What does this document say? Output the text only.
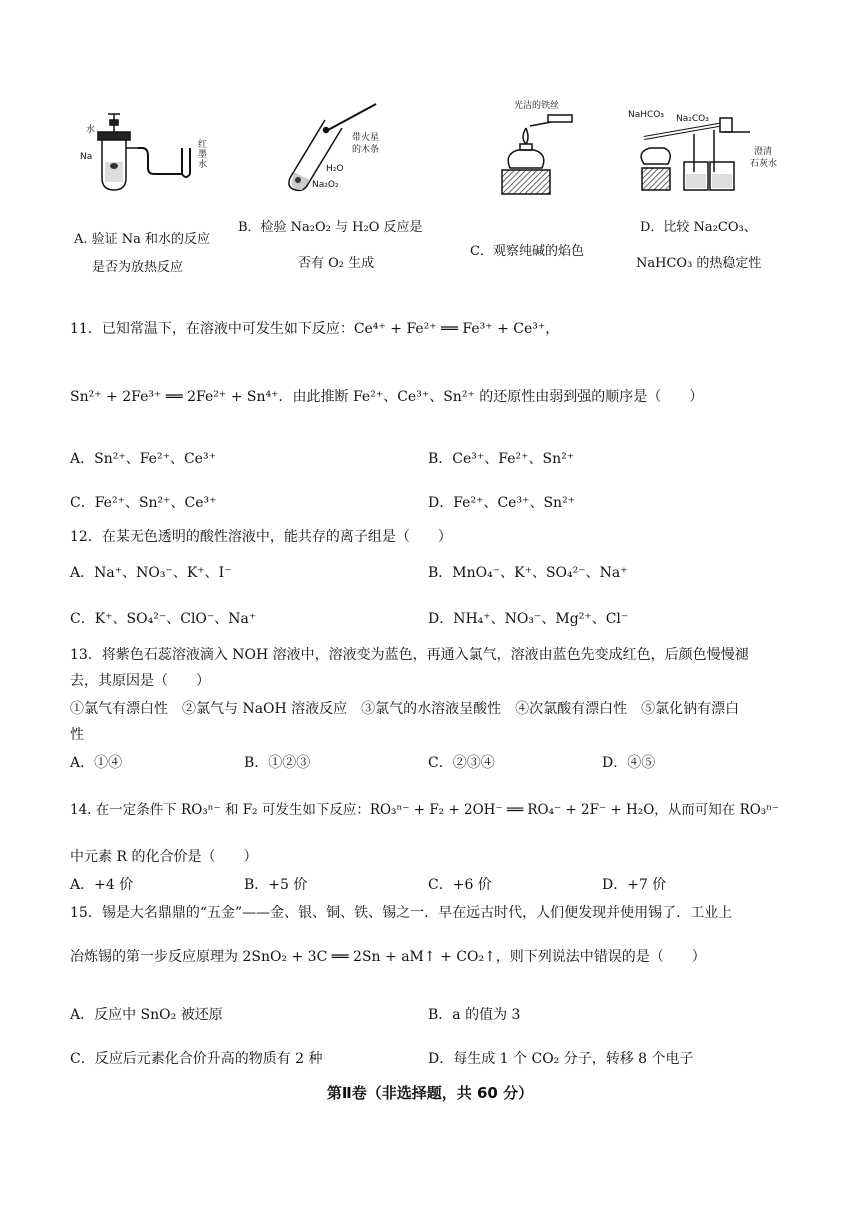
水
Na
红墨水
带火星
的木条
H₂O
Na₂O₂
光洁的铁丝
NaHCO₃ Na₂CO₃
澄清
石灰水
A. 验证 Na 和水的反应
是否为放热反应
B．检验 Na₂O₂ 与 H₂O 反应是
否有 O₂ 生成
C．观察纯碱的焰色
D．比较 Na₂CO₃、
NaHCO₃ 的热稳定性
11．已知常温下，在溶液中可发生如下反应：Ce⁴⁺ + Fe²⁺ ══ Fe³⁺ + Ce³⁺，
Sn²⁺ + 2Fe³⁺ ══ 2Fe²⁺ + Sn⁴⁺．由此推断 Fe²⁺、Ce³⁺、Sn²⁺ 的还原性由弱到强的顺序是（　　）
A．Sn²⁺、Fe²⁺、Ce³⁺	B．Ce³⁺、Fe²⁺、Sn²⁺
C．Fe²⁺、Sn²⁺、Ce³⁺	D．Fe²⁺、Ce³⁺、Sn²⁺
12．在某无色透明的酸性溶液中，能共存的离子组是（　　）
A．Na⁺、NO₃⁻、K⁺、I⁻	B．MnO₄⁻、K⁺、SO₄²⁻、Na⁺
C．K⁺、SO₄²⁻、ClO⁻、Na⁺	D．NH₄⁺、NO₃⁻、Mg²⁺、Cl⁻
13．将紫色石蕊溶液滴入 NOH 溶液中，溶液变为蓝色，再通入氯气，溶液由蓝色先变成红色，后颜色慢慢褪
去，其原因是（　　）
①氯气有漂白性　②氯气与 NaOH 溶液反应　③氯气的水溶液呈酸性　④次氯酸有漂白性　⑤氯化钠有漂白
性
A．①④	B．①②③	C．②③④	D．④⑤
14. 在一定条件下 RO₃ⁿ⁻ 和 F₂ 可发生如下反应：RO₃ⁿ⁻ + F₂ + 2OH⁻ ══ RO₄⁻ + 2F⁻ + H₂O，从而可知在 RO₃ⁿ⁻
中元素 R 的化合价是（　　）
A．+4 价	B．+5 价	C．+6 价	D．+7 价
15．锡是大名鼎鼎的“五金”——金、银、铜、铁、锡之一．早在远古时代，人们便发现并使用锡了．工业上
冶炼锡的第一步反应原理为 2SnO₂ + 3C ══ 2Sn + aM↑ + CO₂↑，则下列说法中错误的是（　　）
A．反应中 SnO₂ 被还原	B．a 的值为 3
C．反应后元素化合价升高的物质有 2 种	D．每生成 1 个 CO₂ 分子，转移 8 个电子
第Ⅱ卷（非选择题，共 60 分）
